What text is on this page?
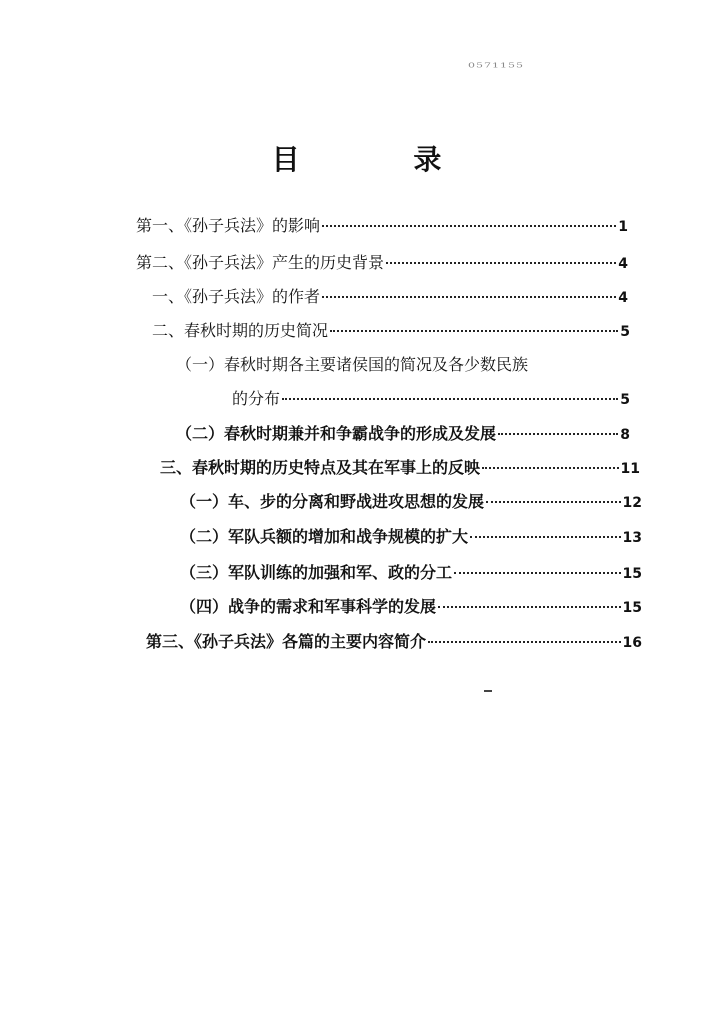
0571155
目 录
第一、《孙子兵法》的影响	1
第二、《孙子兵法》产生的历史背景	4
一、《孙子兵法》的作者	4
二、春秋时期的历史简况	5
（一）春秋时期各主要诸侯国的简况及各少数民族
的分布	5
（二）春秋时期兼并和争霸战争的形成及发展	8
三、春秋时期的历史特点及其在军事上的反映	11
（一）车、步的分离和野战进攻思想的发展	12
（二）军队兵额的增加和战争规模的扩大	13
（三）军队训练的加强和军、政的分工	15
（四）战争的需求和军事科学的发展	15
第三、《孙子兵法》各篇的主要内容简介	16
